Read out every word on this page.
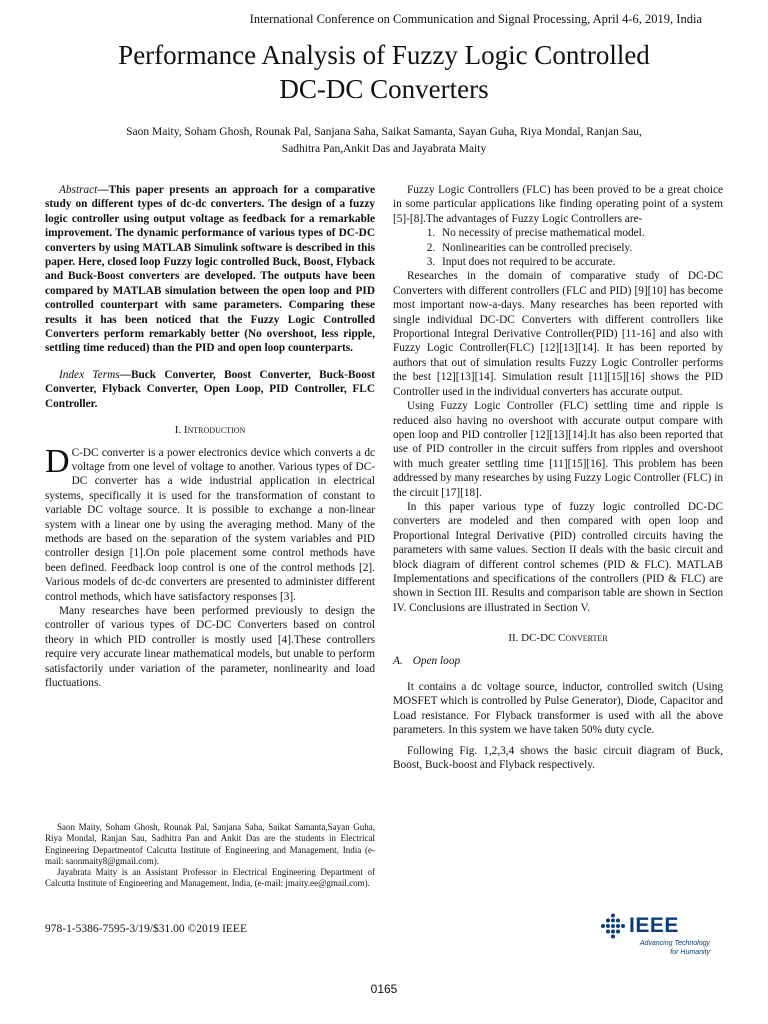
International Conference on Communication and Signal Processing, April 4-6, 2019, India
Performance Analysis of Fuzzy Logic Controlled
DC-DC Converters
Saon Maity, Soham Ghosh, Rounak Pal, Sanjana Saha, Saikat Samanta, Sayan Guha, Riya Mondal, Ranjan Sau,
Sadhitra Pan,Ankit Das and Jayabrata Maity

Abstract—This paper presents an approach for a comparative study on different types of dc-dc converters. The design of a fuzzy logic controller using output voltage as feedback for a remarkable improvement. The dynamic performance of various types of DC-DC converters by using MATLAB Simulink software is described in this paper. Here, closed loop Fuzzy logic controlled Buck, Boost, Flyback and Buck-Boost converters are developed. The outputs have been compared by MATLAB simulation between the open loop and PID controlled counterpart with same parameters. Comparing these results it has been noticed that the Fuzzy Logic Controlled Converters perform remarkably better (No overshoot, less ripple, settling time reduced) than the PID and open loop counterparts.

Index Terms—Buck Converter, Boost Converter, Buck-Boost Converter, Flyback Converter, Open Loop, PID Controller, FLC Controller.

I. Introduction

D C-DC converter is a power electronics device which converts a dc voltage from one level of voltage to another. Various types of DC-DC converter has a wide industrial application in electrical systems, specifically it is used for the transformation of constant to variable DC voltage source. It is possible to exchange a non-linear system with a linear one by using the averaging method. Many of the methods are based on the separation of the system variables and PID controller design [1].On pole placement some control methods have been defined. Feedback loop control is one of the control methods [2]. Various models of dc-dc converters are presented to administer different control methods, which have satisfactory responses [3].

Many researches have been performed previously to design the controller of various types of DC-DC Converters based on control theory in which PID controller is mostly used [4].These controllers require very accurate linear mathematical models, but unable to perform satisfactorily under variation of the parameter, nonlinearity and load fluctuations.

Saon Maity, Soham Ghosh, Rounak Pal, Sanjana Saha, Saikat Samanta,Sayan Guha, Riya Mondal, Ranjan Sau, Sadhitra Pan and Ankit Das are the students in Electrical Engineering Departmentof Calcutta Institute of Engineering and Management, India (e-mail: saonmaity8@gmail.com).

Jayabrata Maity is an Assistant Professor in Electrical Engineering Department of Calcutta Institute of Engineering and Management, India, (e-mail: jmaity.ee@gmail.com).

Fuzzy Logic Controllers (FLC) has been proved to be a great choice in some particular applications like finding operating point of a system [5]-[8].The advantages of Fuzzy Logic Controllers are-

1. No necessity of precise mathematical model.
2. Nonlinearities can be controlled precisely.
3. Input does not required to be accurate.

Researches in the domain of comparative study of DC-DC Converters with different controllers (FLC and PID) [9][10] has become most important now-a-days. Many researches has been reported with single individual DC-DC Converters with different controllers like Proportional Integral Derivative Controller(PID) [11-16] and also with Fuzzy Logic Controller(FLC) [12][13][14]. It has been reported by authors that out of simulation results Fuzzy Logic Controller performs the best [12][13][14]. Simulation result [11][15][16] shows the PID Controller used in the individual converters has accurate output.

Using Fuzzy Logic Controller (FLC) settling time and ripple is reduced also having no overshoot with accurate output compare with open loop and PID controller [12][13][14].It has also been reported that use of PID controller in the circuit suffers from ripples and overshoot with much greater settling time [11][15][16]. This problem has been addressed by many researches by using Fuzzy Logic Controller (FLC) in the circuit [17][18].

In this paper various type of fuzzy logic controlled DC-DC converters are modeled and then compared with open loop and Proportional Integral Derivative (PID) controlled circuits having the parameters with same values. Section II deals with the basic circuit and block diagram of different control schemes (PID & FLC). MATLAB Implementations and specifications of the controllers (PID & FLC) are shown in Section III. Results and comparison table are shown in Section IV. Conclusions are illustrated in Section V.

II. DC-DC Converter
A. Open loop

It contains a dc voltage source, inductor, controlled switch (Using MOSFET which is controlled by Pulse Generator), Diode, Capacitor and Load resistance. For Flyback transformer is used with all the above parameters. In this system we have taken 50% duty cycle.

Following Fig. 1,2,3,4 shows the basic circuit diagram of Buck, Boost, Buck-boost and Flyback respectively.

978-1-5386-7595-3/19/$31.00 ©2019 IEEE	IEEE
Advancing Technology
for Humanity
0165
